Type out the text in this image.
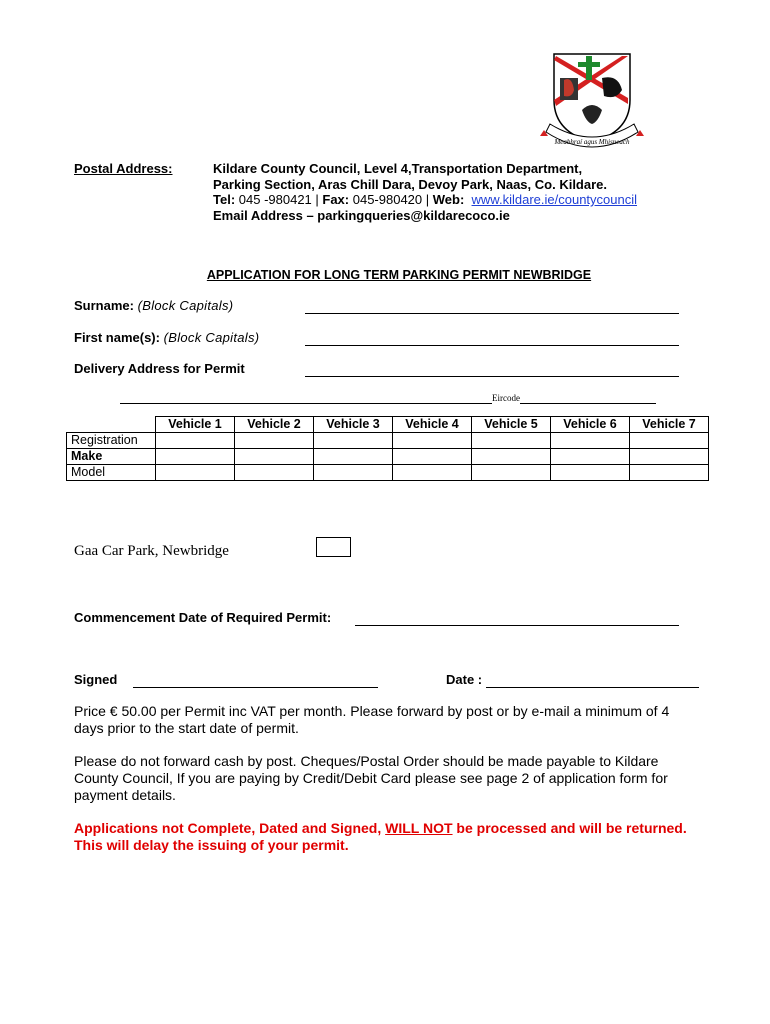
Meabhraí agus Mhisneach
Postal Address:	Kildare County Council, Level 4,Transportation Department,
Parking Section, Aras Chill Dara, Devoy Park, Naas, Co. Kildare.
Tel: 045 -980421 | Fax: 045-980420 | Web: www.kildare.ie/countycouncil
Email Address – parkingqueries@kildarecoco.ie
APPLICATION FOR LONG TERM PARKING PERMIT NEWBRIDGE
Surname: (Block Capitals)
First name(s): (Block Capitals)
Delivery Address for Permit
Eircode
	Vehicle 1	Vehicle 2	Vehicle 3	Vehicle 4	Vehicle 5	Vehicle 6	Vehicle 7
Registration							
Make							
Model							
Gaa Car Park, Newbridge
Commencement Date of Required Permit:
Signed	Date :
Price € 50.00 per Permit inc VAT per month. Please forward by post or by e-mail a minimum of 4 days prior to the start date of permit.
Please do not forward cash by post. Cheques/Postal Order should be made payable to Kildare County Council, If you are paying by Credit/Debit Card please see page 2 of application form for payment details.
Applications not Complete, Dated and Signed, WILL NOT be processed and will be returned. This will delay the issuing of your permit.
